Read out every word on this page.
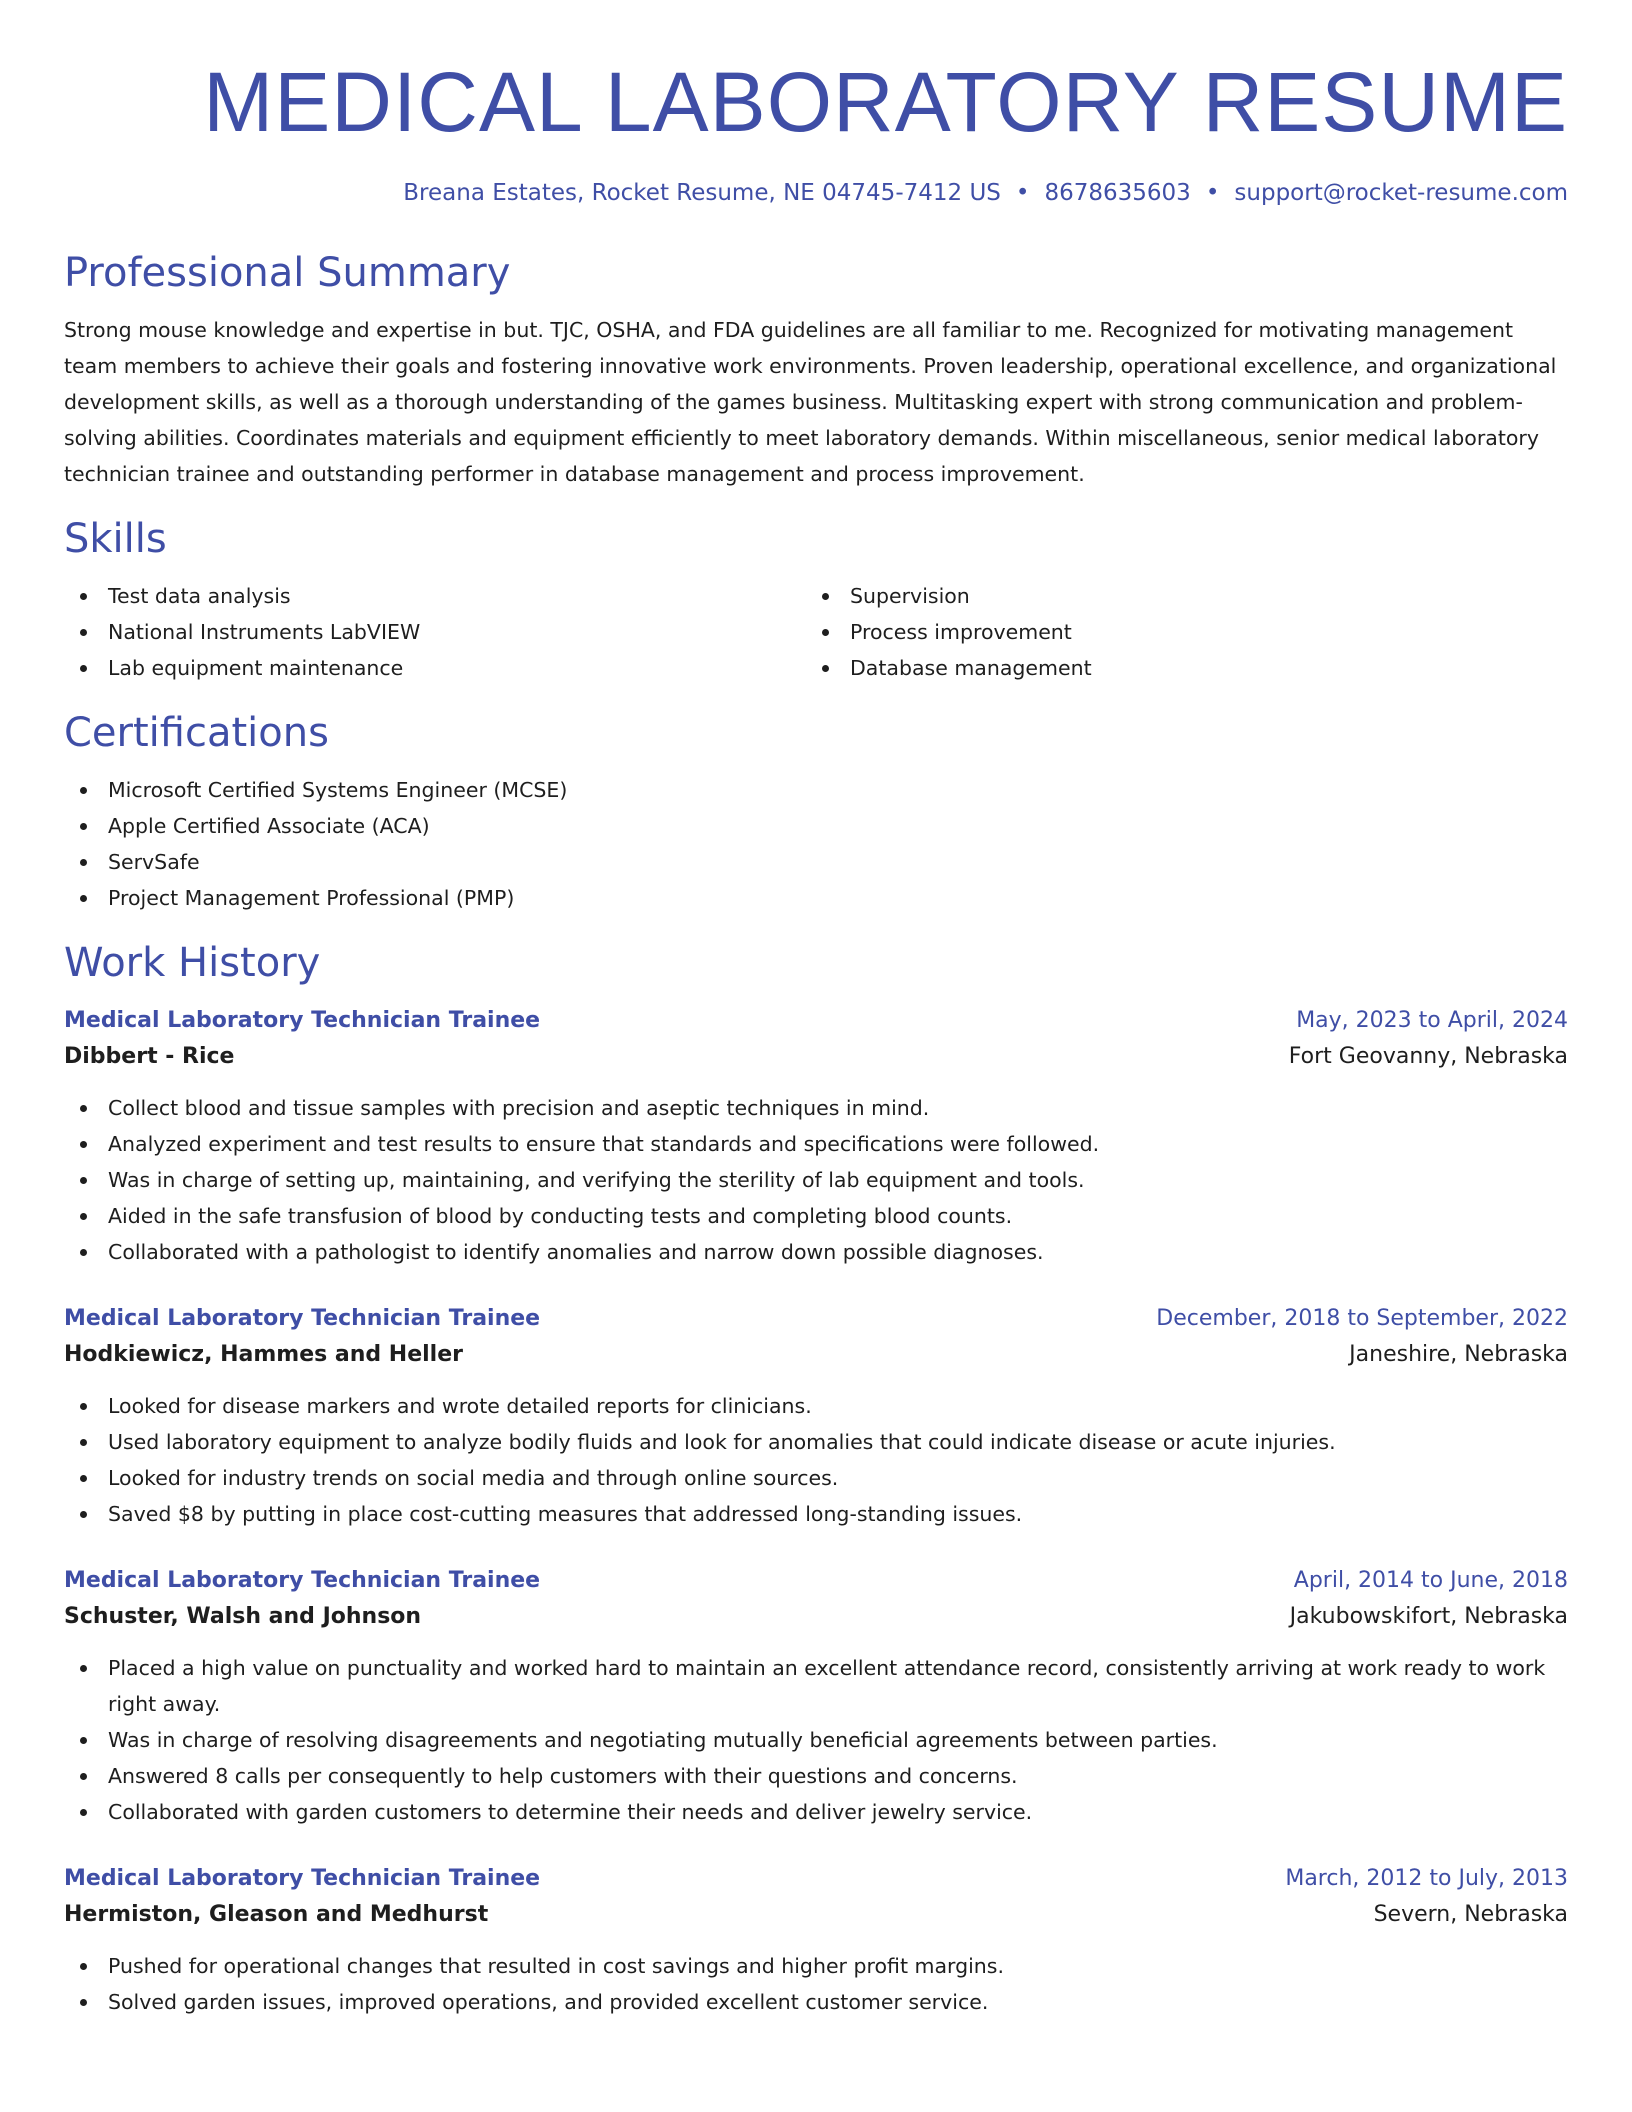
MEDICAL LABORATORY RESUME
Breana Estates, Rocket Resume, NE 04745-7412 US • 8678635603 • support@rocket-resume.com
Professional Summary

Strong mouse knowledge and expertise in but. TJC, OSHA, and FDA guidelines are all familiar to me. Recognized for motivating management team members to achieve their goals and fostering innovative work environments. Proven leadership, operational excellence, and organizational development skills, as well as a thorough understanding of the games business. Multitasking expert with strong communication and problem-solving abilities. Coordinates materials and equipment efficiently to meet laboratory demands. Within miscellaneous, senior medical laboratory technician trainee and outstanding performer in database management and process improvement.

Skills
Test data analysis
National Instruments LabVIEW
Lab equipment maintenance
Supervision
Process improvement
Database management
Certifications
Microsoft Certified Systems Engineer (MCSE)
Apple Certified Associate (ACA)
ServSafe
Project Management Professional (PMP)
Work History
Medical Laboratory Technician Trainee	May, 2023 to April, 2024
Dibbert - Rice	Fort Geovanny, Nebraska
Collect blood and tissue samples with precision and aseptic techniques in mind.
Analyzed experiment and test results to ensure that standards and specifications were followed.
Was in charge of setting up, maintaining, and verifying the sterility of lab equipment and tools.
Aided in the safe transfusion of blood by conducting tests and completing blood counts.
Collaborated with a pathologist to identify anomalies and narrow down possible diagnoses.
Medical Laboratory Technician Trainee	December, 2018 to September, 2022
Hodkiewicz, Hammes and Heller	Janeshire, Nebraska
Looked for disease markers and wrote detailed reports for clinicians.
Used laboratory equipment to analyze bodily fluids and look for anomalies that could indicate disease or acute injuries.
Looked for industry trends on social media and through online sources.
Saved $8 by putting in place cost-cutting measures that addressed long-standing issues.
Medical Laboratory Technician Trainee	April, 2014 to June, 2018
Schuster, Walsh and Johnson	Jakubowskifort, Nebraska
Placed a high value on punctuality and worked hard to maintain an excellent attendance record, consistently arriving at work ready to work right away.
Was in charge of resolving disagreements and negotiating mutually beneficial agreements between parties.
Answered 8 calls per consequently to help customers with their questions and concerns.
Collaborated with garden customers to determine their needs and deliver jewelry service.
Medical Laboratory Technician Trainee	March, 2012 to July, 2013
Hermiston, Gleason and Medhurst	Severn, Nebraska
Pushed for operational changes that resulted in cost savings and higher profit margins.
Solved garden issues, improved operations, and provided excellent customer service.
